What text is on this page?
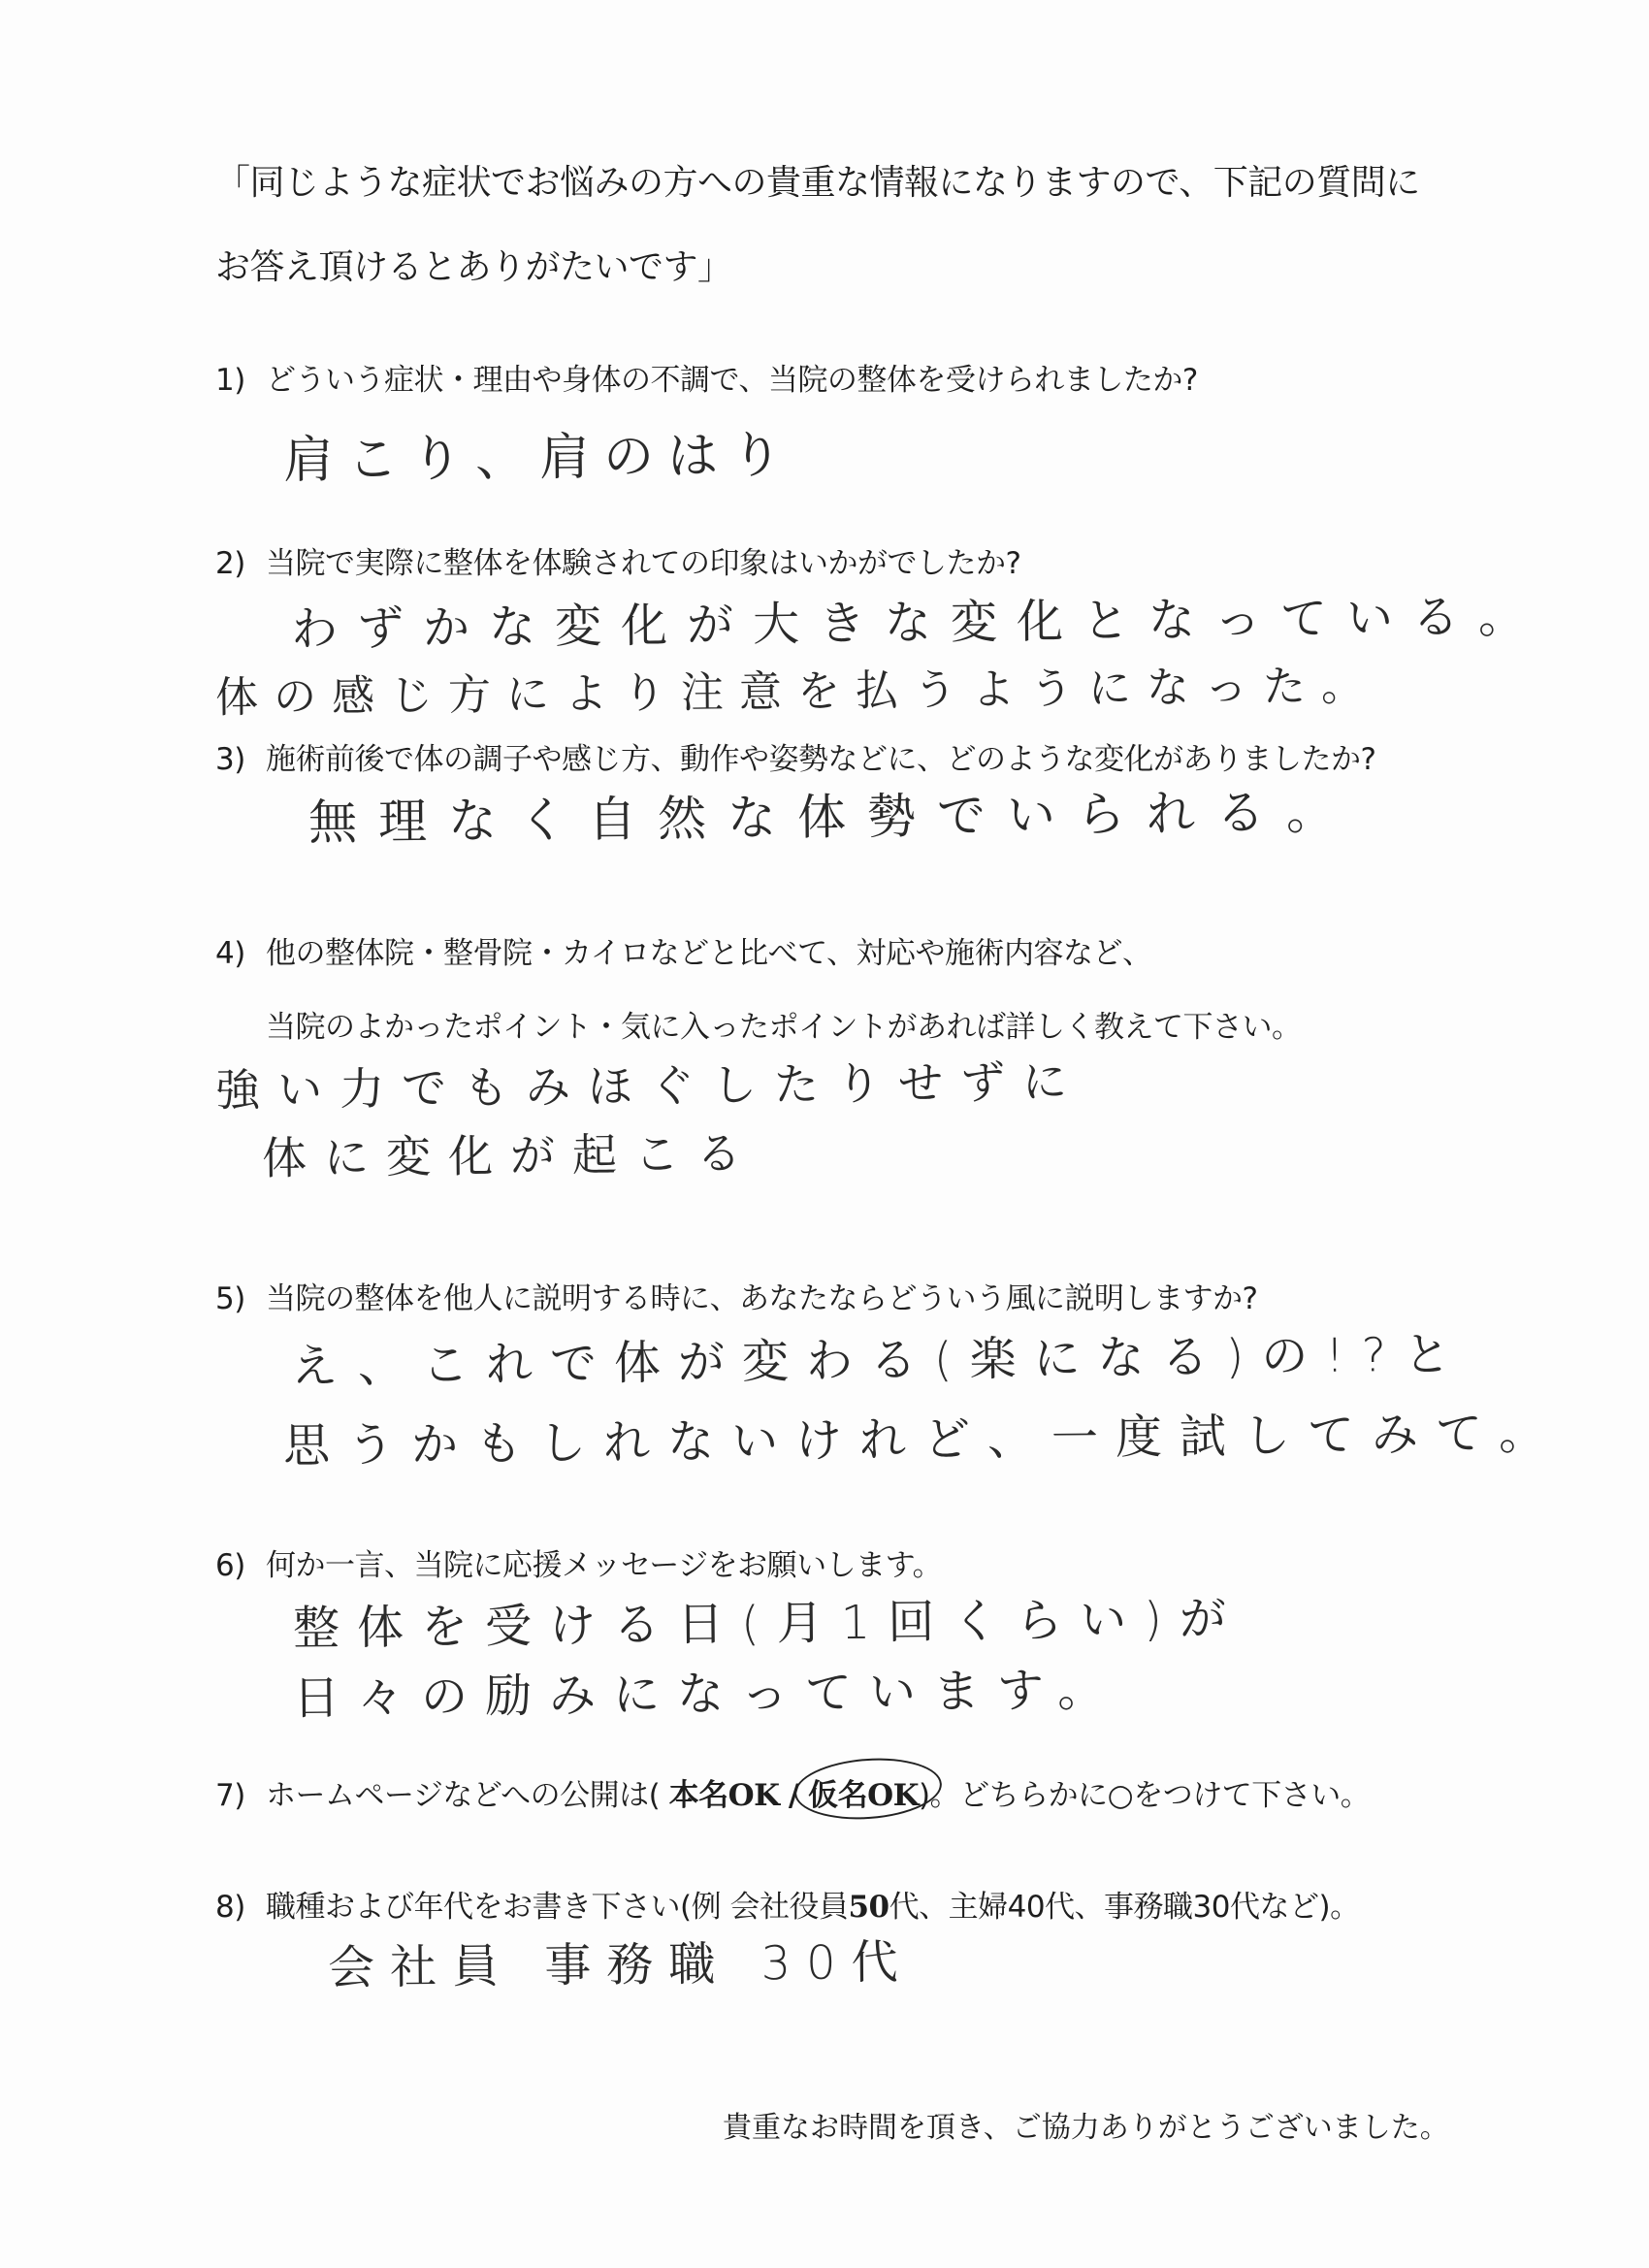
「同じような症状でお悩みの方への貴重な情報になりますので、下記の質問に
お答え頂けるとありがたいです」
1) どういう症状・理由や身体の不調で、当院の整体を受けられましたか?
肩こり、肩のはり
2) 当院で実際に整体を体験されての印象はいかがでしたか?
わずかな変化が大きな変化となっている。
体の感じ方により注意を払うようになった。
3) 施術前後で体の調子や感じ方、動作や姿勢などに、どのような変化がありましたか?
無理なく自然な体勢でいられる。
4) 他の整体院・整骨院・カイロなどと比べて、対応や施術内容など、
当院のよかったポイント・気に入ったポイントがあれば詳しく教えて下さい。
強い力でもみほぐしたりせずに
体に変化が起こる
5) 当院の整体を他人に説明する時に、あなたならどういう風に説明しますか?
え、これで体が変わる(楽になる)の!?と
思うかもしれないけれど、一度試してみて。
6) 何か一言、当院に応援メッセージをお願いします。
整体を受ける日(月1回くらい)が
日々の励みになっています。
7) ホームページなどへの公開は( 本名OK / 仮名OK)。どちらかに○をつけて下さい。
8) 職種および年代をお書き下さい(例 会社役員50代、主婦40代、事務職30代など)。
会社員 事務職 30代
貴重なお時間を頂き、ご協力ありがとうございました。
